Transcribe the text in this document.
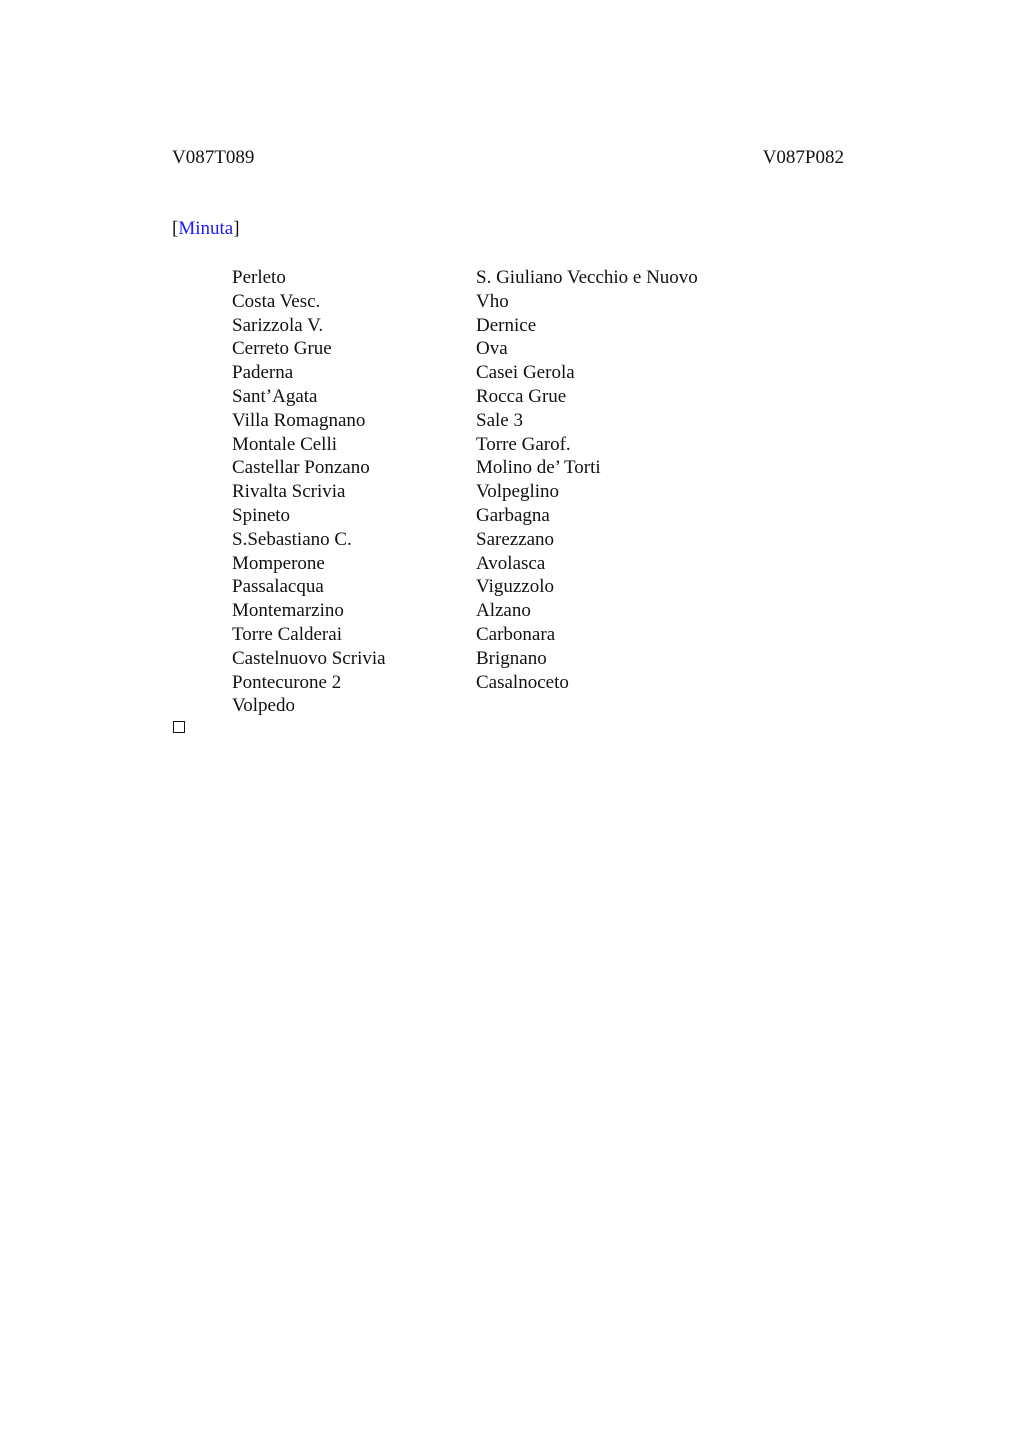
V087T089	V087P082
[Minuta]
Perleto
Costa Vesc.
Sarizzola V.
Cerreto Grue
Paderna
Sant’Agata
Villa Romagnano
Montale Celli
Castellar Ponzano
Rivalta Scrivia
Spineto
S.Sebastiano C.
Momperone
Passalacqua
Montemarzino
Torre Calderai
Castelnuovo Scrivia
Pontecurone 2
Volpedo
S. Giuliano Vecchio e Nuovo
Vho
Dernice
Ova
Casei Gerola
Rocca Grue
Sale 3
Torre Garof.
Molino de’ Torti
Volpeglino
Garbagna
Sarezzano
Avolasca
Viguzzolo
Alzano
Carbonara
Brignano
Casalnoceto
